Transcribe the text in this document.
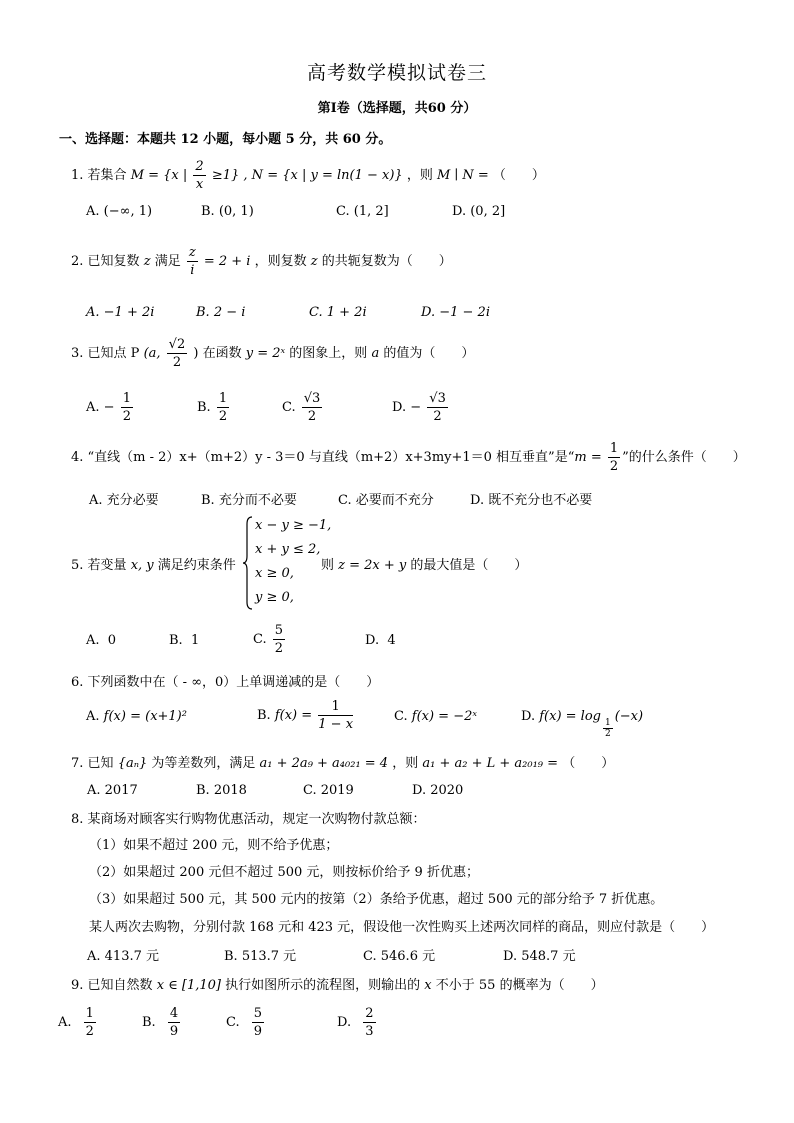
高考数学模拟试卷三
第Ⅰ卷（选择题，共60 分）
一、选择题：本题共 12 小题，每小题 5 分，共 60 分。
1. 若集合 M = {x | $\frac{2}{x} \ge 1$} , N = {x | y = ln(1 − x)} ，则 M ∣ N = （　　）
A. (−∞, 1)	B. (0, 1)	C. (1, 2]	D. (0, 2]
2. 已知复数 z 满足 $\frac{z}{i} = 2 + i$ ，则复数 z 的共轭复数为（　　）
A. −1 + 2i	B. 2 − i	C. 1 + 2i	D. −1 − 2i
3. 已知点 P (a, $\frac{√2}{2}$ ) 在函数 y = 2ˣ 的图象上，则 a 的值为（　　）
A. − $\frac{1}{2}$	B. $\frac{1}{2}$	C. $\frac{√3}{2}$	D. − $\frac{√3}{2}$
4. “直线（m - 2）x+（m+2）y - 3＝0 与直线（m+2）x+3my+1＝0 相互垂直”是“$m = \frac{1}{2}$ ”的什么条件（　　）
A. 充分必要	B. 充分而不必要	C. 必要而不充分	D. 既不充分也不必要
5. 若变量 x, y 满足约束条件
x − y ≥ −1,
x + y ≤ 2,
x ≥ 0,
y ≥ 0,
则 z = 2x + y 的最大值是（　　）
A. 0	B. 1	C. $\frac{5}{2}$	D. 4
6. 下列函数中在（ - ∞，0）上单调递减的是（　　）
A. f(x) = (x+1)²	B. $f(x) = \frac{1}{1 - x}$	C. f(x) = −2ˣ	D. f(x) = log
$\frac{1}{2}$
(−x)
7. 已知 {aₙ} 为等差数列，满足 a₁ + 2a₉ + a₄₀₂₁ = 4 ，则 a₁ + a₂ + L + a₂₀₁₉ = （　　）
A. 2017	B. 2018	C. 2019	D. 2020
8. 某商场对顾客实行购物优惠活动，规定一次购物付款总额：
（1）如果不超过 200 元，则不给予优惠；
（2）如果超过 200 元但不超过 500 元，则按标价给予 9 折优惠；
（3）如果超过 500 元，其 500 元内的按第（2）条给予优惠，超过 500 元的部分给予 7 折优惠。
某人两次去购物，分别付款 168 元和 423 元，假设他一次性购买上述两次同样的商品，则应付款是（　　）
A. 413.7 元	B. 513.7 元	C. 546.6 元	D. 548.7 元
9. 已知自然数 x ∈ [1,10] 执行如图所示的流程图，则输出的 x 不小于 55 的概率为（　　）
A. $\frac{1}{2}$	B. $\frac{4}{9}$	C. $\frac{5}{9}$	D. $\frac{2}{3}$
